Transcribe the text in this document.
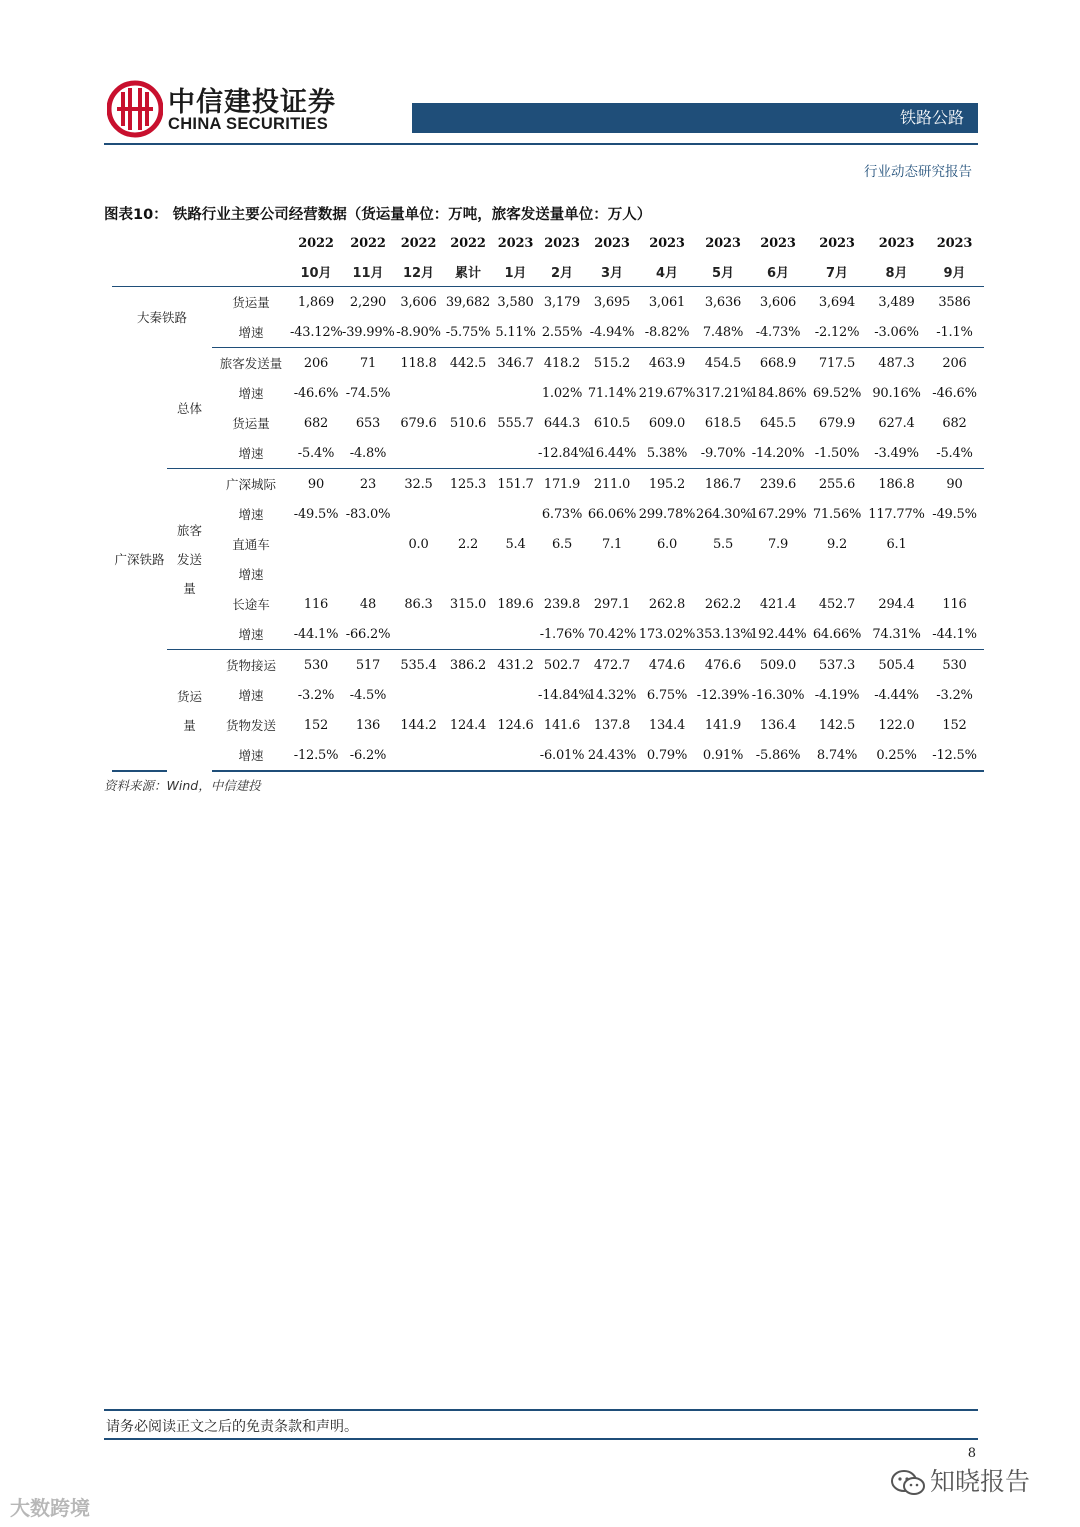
中信建投证券
CHINA SECURITIES	铁路公路
行业动态研究报告
图表10： 铁路行业主要公司经营数据（货运量单位：万吨，旅客发送量单位：万人）
			2022	2022	2022	2022	2023	2023	2023	2023	2023	2023	2023	2023	2023
			10月	11月	12月	累计	1月	2月	3月	4月	5月	6月	7月	8月	9月
大秦铁路		货运量	1,869	2,290	3,606	39,682	3,580	3,179	3,695	3,061	3,636	3,606	3,694	3,489	3586
		增速	-43.12%	-39.99%	-8.90%	-5.75%	5.11%	2.55%	-4.94%	-8.82%	7.48%	-4.73%	-2.12%	-3.06%	-1.1%
广深铁路	总体	旅客发送量	206	71	118.8	442.5	346.7	418.2	515.2	463.9	454.5	668.9	717.5	487.3	206
		增速	-46.6%	-74.5%				1.02%	71.14%	219.67%	317.21%	184.86%	69.52%	90.16%	-46.6%
		货运量	682	653	679.6	510.6	555.7	644.3	610.5	609.0	618.5	645.5	679.9	627.4	682
		增速	-5.4%	-4.8%				-12.84%	16.44%	5.38%	-9.70%	-14.20%	-1.50%	-3.49%	-5.4%
	旅客发送量	广深城际	90	23	32.5	125.3	151.7	171.9	211.0	195.2	186.7	239.6	255.6	186.8	90
		增速	-49.5%	-83.0%				6.73%	66.06%	299.78%	264.30%	167.29%	71.56%	117.77%	-49.5%
		直通车			0.0	2.2	5.4	6.5	7.1	6.0	5.5	7.9	9.2	6.1	
		增速													
		长途车	116	48	86.3	315.0	189.6	239.8	297.1	262.8	262.2	421.4	452.7	294.4	116
		增速	-44.1%	-66.2%				-1.76%	70.42%	173.02%	353.13%	192.44%	64.66%	74.31%	-44.1%
	货运量	货物接运	530	517	535.4	386.2	431.2	502.7	472.7	474.6	476.6	509.0	537.3	505.4	530
		增速	-3.2%	-4.5%				-14.84%	14.32%	6.75%	-12.39%	-16.30%	-4.19%	-4.44%	-3.2%
		货物发送	152	136	144.2	124.4	124.6	141.6	137.8	134.4	141.9	136.4	142.5	122.0	152
		增速	-12.5%	-6.2%				-6.01%	24.43%	0.79%	0.91%	-5.86%	8.74%	0.25%	-12.5%
资料来源：Wind，中信建投
请务必阅读正文之后的免责条款和声明。
8
大数跨境
知晓报告
